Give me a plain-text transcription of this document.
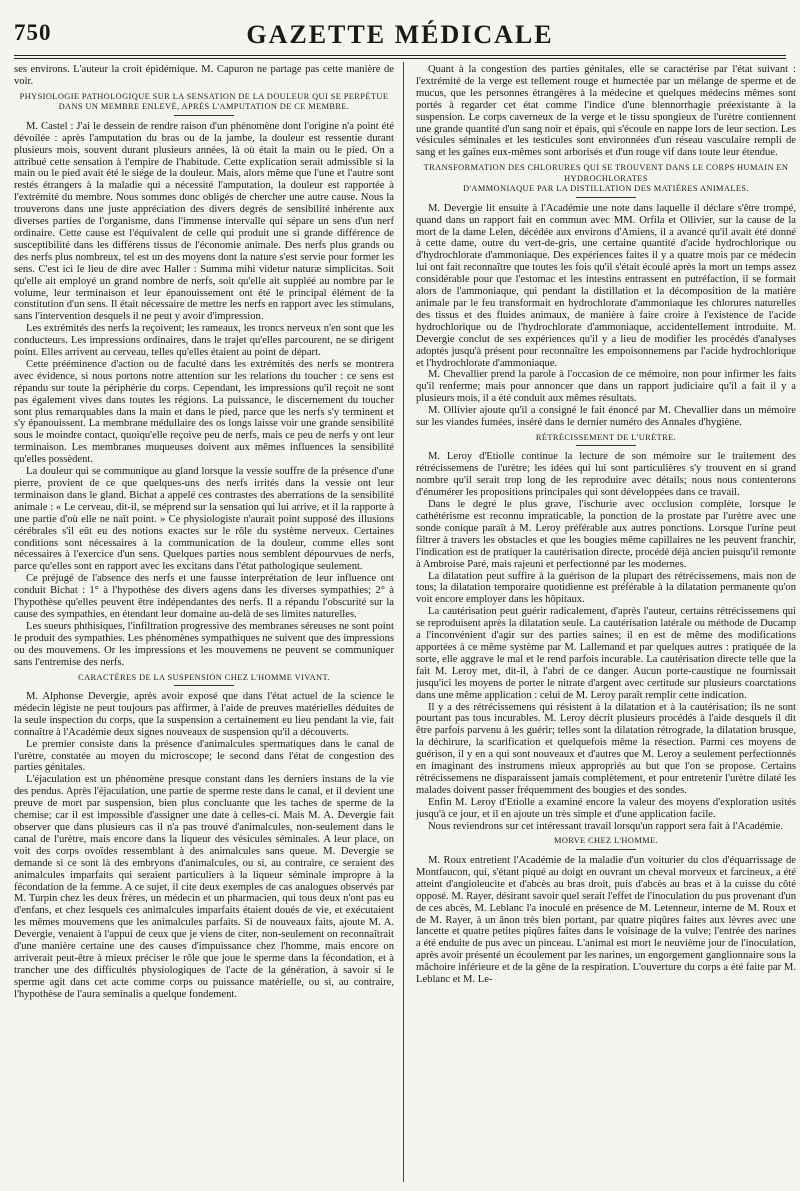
750	GAZETTE MÉDICALE

ses environs. L'auteur la croit épidémique. M. Capuron ne partage pas cette manière de voir.

PHYSIOLOGIE PATHOLOGIQUE SUR LA SENSATION DE LA DOULEUR QUI SE PERPÉTUE
DANS UN MEMBRE ENLEVÉ, APRÈS L'AMPUTATION DE CE MEMBRE.

M. Castel : J'ai le dessein de rendre raison d'un phénomène dont l'origine n'a point été dévoilée : après l'amputation du bras ou de la jambe, la douleur est ressentie durant plusieurs mois, souvent durant plusieurs années, là où était la main ou le pied. On a attribué cette sensation à l'empire de l'habitude. Cette explication serait admissible si la main ou le pied avait été le siége de la douleur. Mais, alors même que l'une et l'autre sont restés étrangers à la maladie qui a nécessité l'amputation, la douleur est rapportée à l'extrémité du membre. Nous sommes donc obligés de chercher une autre cause. Nous la trouverons dans une juste appréciation des divers degrés de sensibilité inhérente aux diverses parties de l'organisme, dans l'immense intervalle qui sépare un sens d'un nerf ordinaire. Cette cause est l'équivalent de celle qui produit une si grande différence de susceptibilité dans les différens tissus de l'économie animale. Des nerfs plus grands ou des nerfs plus nombreux, tel est un des moyens dont la nature s'est servie pour former les sens. C'est ici le lieu de dire avec Haller : Summa mihi videtur naturæ simplicitas. Soit qu'elle ait employé un grand nombre de nerfs, soit qu'elle ait suppléé au nombre par le volume, leur terminaison et leur épanouissement ont été le principal élément de la constitution d'un sens. Il était nécessaire de mettre les nerfs en rapport avec les stimulans, sans l'intervention desquels il ne peut y avoir d'impression.

Les extrémités des nerfs la reçoivent; les rameaux, les troncs nerveux n'en sont que les conducteurs. Les impressions ordinaires, dans le trajet qu'elles parcourent, ne se dirigent point. Elles arrivent au cerveau, telles qu'elles étaient au point de départ.

Cette prééminence d'action ou de faculté dans les extrémités des nerfs se montrera avec évidence, si nous portons notre attention sur les relations du toucher : ce sens est répandu sur toute la périphérie du corps. Cependant, les impressions qu'il reçoit ne sont pas également vives dans toutes les régions. La puissance, le discernement du toucher sont plus remarquables dans la main et dans le pied, parce que les nerfs s'y terminent et s'y épanouissent. La membrane médullaire des os longs laisse voir une grande sensibilité sous le moindre contact, quoiqu'elle reçoive peu de nerfs, mais ce peu de nerfs y ont leur terminaison. Les membranes muqueuses doivent aux mêmes influences la sensibilité qu'elles possèdent.

La douleur qui se communique au gland lorsque la vessie souffre de la présence d'une pierre, provient de ce que quelques-uns des nerfs irrités dans la vessie ont leur terminaison dans le gland. Bichat a appelé ces contrastes des aberrations de la sensibilité animale : « Le cerveau, dit-il, se méprend sur la sensation qui lui arrive, et il la rapporte à une partie d'où elle ne naît point. » Ce physiologiste n'aurait point supposé des illusions cérébrales s'il eût eu des notions exactes sur le rôle du système nerveux. Certaines conditions sont nécessaires à la communication de la douleur, comme elles sont nécessaires à l'exercice d'un sens. Quelques parties nous semblent dépourvues de nerfs, parce qu'elles sont en rapport avec les excitans dans l'état pathologique seulement.

Ce préjugé de l'absence des nerfs et une fausse interprétation de leur influence ont conduit Bichat : 1° à l'hypothèse des divers agens dans les diverses sympathies; 2° à l'hypothèse qu'elles peuvent être indépendantes des nerfs. Il a répandu l'obscurité sur la cause des sympathies, en étendant leur domaine au-delà de ses limites naturelles.

Les sueurs phthisiques, l'infiltration progressive des membranes séreuses ne sont point le produit des sympathies. Les phénomènes sympathiques ne suivent que des impressions ou des mouvemens. Or les impressions et les mouvemens ne peuvent se communiquer sans l'entremise des nerfs.

CARACTÈRES DE LA SUSPENSION CHEZ L'HOMME VIVANT.

M. Alphonse Devergie, après avoir exposé que dans l'état actuel de la science le médecin légiste ne peut toujours pas affirmer, à l'aide de preuves matérielles déduites de la seule inspection du corps, que la suspension a certainement eu lieu pendant la vie, fait connaître à l'Académie deux signes nouveaux de suspension qu'il a découverts.

Le premier consiste dans la présence d'animalcules spermatiques dans le canal de l'urètre, constatée au moyen du microscope; le second dans l'état de congestion des parties génitales.

L'éjaculation est un phénomène presque constant dans les derniers instans de la vie des pendus. Après l'éjaculation, une partie de sperme reste dans le canal, et il devient une preuve de mort par suspension, bien plus concluante que les taches de sperme de la chemise; car il est impossible d'assigner une date à celles-ci. Mais M. A. Devergie fait observer que dans plusieurs cas il n'a pas trouvé d'animalcules, non-seulement dans le canal de l'urètre, mais encore dans la liqueur des vésicules séminales. A leur place, on voit des corps ovoïdes ressemblant à des animalcules sans queue. M. Devergie se demande si ce sont là des embryons d'animalcules, ou si, au contraire, ce seraient des animalcules imparfaits qui seraient particuliers à la liqueur séminale impropre à la fécondation de la femme. A ce sujet, il cite deux exemples de cas analogues observés par M. Turpin chez les deux frères, un médecin et un pharmacien, qui tous deux n'ont pas eu d'enfans, et chez lesquels ces animalcules imparfaits étaient doués de vie, et exécutaient les mêmes mouvemens que les animalcules parfaits. Si de nouveaux faits, ajoute M. A. Devergie, venaient à l'appui de ceux que je viens de citer, non-seulement on reconnaîtrait d'une manière certaine une des causes d'impuissance chez l'homme, mais encore on arriverait peut-être à mieux préciser le rôle que joue le sperme dans la fécondation, et à trancher une des difficultés physiologiques de l'acte de la génération, à savoir si le sperme agit dans cet acte comme corps ou puissance matérielle, ou si, au contraire, l'hypothèse de l'aura seminalis a quelque fondement.

Quant à la congestion des parties génitales, elle se caractérise par l'état suivant : l'extrémité de la verge est tellement rouge et humectée par un mélange de sperme et de mucus, que les personnes étrangères à la médecine et quelques médecins mêmes sont portés à regarder cet état comme l'indice d'une blennorrhagie préexistante à la suspension. Le corps caverneux de la verge et le tissu spongieux de l'urètre contiennent une grande quantité d'un sang noir et épais, qui s'écoule en nappe lors de leur section. Les vésicules séminales et les testicules sont environnées d'un réseau vasculaire rempli de sang et les gaînes eux-mêmes sont arborisés et d'un rouge vif dans toute leur étendue.

TRANSFORMATION DES CHLORURES QUI SE TROUVENT DANS LE CORPS HUMAIN EN HYDROCHLORATES
D'AMMONIAQUE PAR LA DISTILLATION DES MATIÈRES ANIMALES.

M. Devergie lit ensuite à l'Académie une note dans laquelle il déclare s'être trompé, quand dans un rapport fait en commun avec MM. Orfila et Ollivier, sur la cause de la mort de la dame Lelen, décédée aux environs d'Amiens, il a avancé qu'il avait été donné à cette dame, outre du vert-de-gris, une certaine quantité d'acide hydrochlorique ou d'hydrochlorate d'ammoniaque. Des expériences faites il y a quatre mois par ce médecin lui ont fait reconnaître que toutes les fois qu'il s'était écoulé après la mort un temps assez considérable pour que l'estomac et les intestins entrassent en putréfaction, il se formait alors de l'ammoniaque, qui pendant la distillation et la décomposition de la matière animale par le feu transformait en hydrochlorate d'ammoniaque les chlorures naturelles des tissus et des fluides animaux, de manière à faire croire à l'existence de l'acide hydrochlorique ou de l'hydrochlorate d'ammoniaque, accidentellement introduite. M. Devergie conclut de ses expériences qu'il y a lieu de modifier les procédés d'analyses adoptés jusqu'à présent pour reconnaître les empoisonnemens par l'acide hydrochlorique et l'hydrochlorate d'ammoniaque.

M. Chevallier prend la parole à l'occasion de ce mémoire, non pour infirmer les faits qu'il renferme; mais pour annoncer que dans un rapport judiciaire qu'il a fait il y a plusieurs mois, il a été conduit aux mêmes résultats.

M. Ollivier ajoute qu'il a consigné le fait énoncé par M. Chevallier dans un mémoire sur les viandes fumées, inséré dans le dernier numéro des Annales d'hygiène.

RÉTRÉCISSEMENT DE L'URÈTRE.

M. Leroy d'Etiolle continue la lecture de son mémoire sur le traitement des rétrécissemens de l'urètre; les idées qui lui sont particulières s'y trouvent en si grand nombre qu'il serait trop long de les reproduire avec détails; nous nous contenterons d'énumérer les propositions principales qui sont développées dans ce travail.

Dans le degré le plus grave, l'ischurie avec occlusion complète, lorsque le cathétérisme est reconnu impraticable, la ponction de la prostate par l'urètre avec une sonde conique paraît à M. Leroy préférable aux autres ponctions. Lorsque l'urine peut filtrer à travers les obstacles et que les bougies même capillaires ne les peuvent franchir, l'indication est de pratiquer la cautérisation directe, procédé déjà ancien puisqu'il remonte à Ambroise Paré, mais rajeuni et perfectionné par les modernes.

La dilatation peut suffire à la guérison de la plupart des rétrécissemens, mais non de tous; la dilatation temporaire quotidienne est préférable à la dilatation permanente qu'on voit encore employer dans les hôpitaux.

La cautérisation peut guérir radicalement, d'après l'auteur, certains rétrécissemens qui se reproduisent après la dilatation seule. La cautérisation latérale ou méthode de Ducamp a l'inconvénient d'agir sur des parties saines; il en est de même des modifications apportées à ce même système par M. Lallemand et par quelques autres : pratiquée de la sorte, elle aggrave le mal et le rend parfois incurable. La cautérisation directe telle que la fait M. Leroy met, dit-il, à l'abri de ce danger. Aucun porte-caustique ne fournissait jusqu'ici les moyens de porter le nitrate d'argent avec certitude sur plusieurs coarctations dans une même application : celui de M. Leroy paraît remplir cette indication.

Il y a des rétrécissemens qui résistent à la dilatation et à la cautérisation; ils ne sont pourtant pas tous incurables. M. Leroy décrit plusieurs procédés à l'aide desquels il dit être parfois parvenu à les guérir; telles sont la dilatation rétrograde, la dilatation brusque, la déchirure, la scarification et quelquefois même la résection. Parmi ces moyens de guérison, il y en a qui sont nouveaux et d'autres que M. Leroy a seulement perfectionnés en imaginant des instrumens mieux appropriés au but que l'on se propose. Certains rétrécissemens ne disparaissent jamais complètement, et pour entretenir l'urètre dilaté les malades doivent passer fréquemment des bougies et des sondes.

Enfin M. Leroy d'Etiolle a examiné encore la valeur des moyens d'exploration usités jusqu'à ce jour, et il en ajoute un très simple et d'une application facile.

Nous reviendrons sur cet intéressant travail lorsqu'un rapport sera fait à l'Académie.

MORVE CHEZ L'HOMME.

M. Roux entretient l'Académie de la maladie d'un voiturier du clos d'équarrissage de Montfaucon, qui, s'étant piqué au doigt en ouvrant un cheval morveux et farcineux, a été atteint d'angioleucite et d'abcès au bras droit, puis d'abcès au bras et à la cuisse du côté opposé. M. Rayer, désirant savoir quel serait l'effet de l'inoculation du pus provenant d'un de ces abcès, M. Leblanc l'a inoculé en présence de M. Letenneur, interne de M. Roux et de M. Rayer, à un ânon très bien portant, par quatre piqûres faites aux lèvres avec une lancette et quatre petites piqûres faites dans le voisinage de la vulve; l'entrée des narines a été enduite de pus avec un pinceau. L'animal est mort le neuvième jour de l'inoculation, après avoir présenté un écoulement par les narines, un engorgement ganglionnaire sous la mâchoire inférieure et de la gêne de la respiration. L'ouverture du corps a été faite par M. Leblanc et M. Le-
